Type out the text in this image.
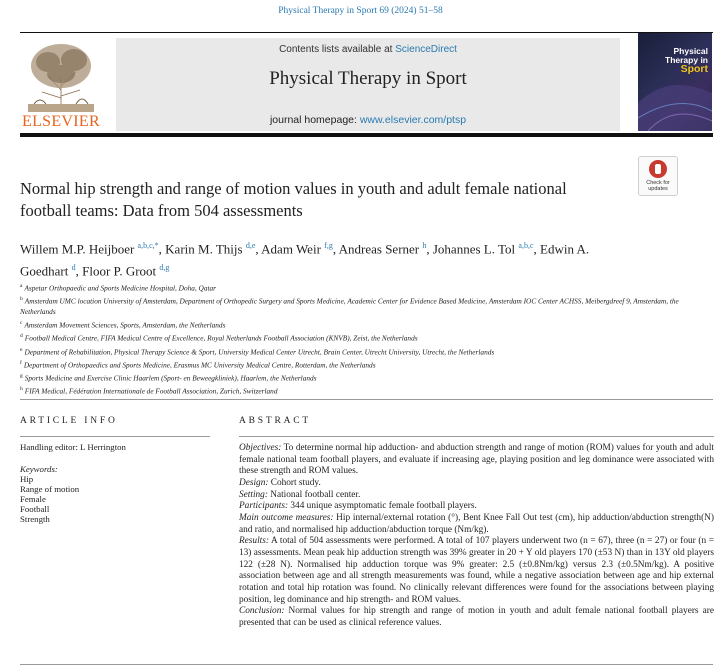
Physical Therapy in Sport 69 (2024) 51–58
ELSEVIER
Contents lists available at ScienceDirect
Physical Therapy in Sport
journal homepage: www.elsevier.com/ptsp
Physical
Therapy in
Sport
Check for updates
Normal hip strength and range of motion values in youth and adult female national football teams: Data from 504 assessments
Willem M.P. Heijboer $^{a,b,c,*}$, Karin M. Thijs $^{d,e}$, Adam Weir $^{f,g}$, Andreas Serner $^h$, Johannes L. Tol $^{a,b,c}$, Edwin A. Goedhart $^d$, Floor P. Groot $^{d,g}$
$^a$ Aspetar Orthopaedic and Sports Medicine Hospital, Doha, Qatar
$^b$ Amsterdam UMC location University of Amsterdam, Department of Orthopedic Surgery and Sports Medicine, Academic Center for Evidence Based Medicine, Amsterdam IOC Center ACHSS, Meibergdreef 9, Amsterdam, the Netherlands
$^c$ Amsterdam Movement Sciences, Sports, Amsterdam, the Netherlands
$^d$ Football Medical Centre, FIFA Medical Centre of Excellence, Royal Netherlands Football Association (KNVB), Zeist, the Netherlands
$^e$ Department of Rehabilitation, Physical Therapy Science & Sport, University Medical Center Utrecht, Brain Center, Utrecht University, Utrecht, the Netherlands
$^f$ Department of Orthopaedics and Sports Medicine, Erasmus MC University Medical Centre, Rotterdam, the Netherlands
$^g$ Sports Medicine and Exercise Clinic Haarlem (Sport- en Beweegkliniek), Haarlem, the Netherlands
$^h$ FIFA Medical, Fédération Internationale de Football Association, Zurich, Switzerland
ARTICLE INFO
Handling editor: L Herrington
Keywords:
Hip
Range of motion
Female
Football
Strength
ABSTRACT

Objectives: To determine normal hip adduction- and abduction strength and range of motion (ROM) values for youth and adult female national team football players, and evaluate if increasing age, playing position and leg dominance were associated with these strength and ROM values.

Design: Cohort study.

Setting: National football center.

Participants: 344 unique asymptomatic female football players.

Main outcome measures: Hip internal/external rotation (°), Bent Knee Fall Out test (cm), hip adduction/abduction strength(N) and ratio, and normalised hip adduction/abduction torque (Nm/kg).

Results: A total of 504 assessments were performed. A total of 107 players underwent two (n = 67), three (n = 27) or four (n = 13) assessments. Mean peak hip adduction strength was 39% greater in 20 + Y old players 170 (±53 N) than in 13Y old players 122 (±28 N). Normalised hip adduction torque was 9% greater: 2.5 (±0.8Nm/kg) versus 2.3 (±0.5Nm/kg). A positive association between age and all strength measurements was found, while a negative association between age and hip external rotation and total hip rotation was found. No clinically relevant differences were found for the associations between playing position, leg dominance and hip strength- and ROM values.

Conclusion: Normal values for hip strength and range of motion in youth and adult female national football players are presented that can be used as clinical reference values.
